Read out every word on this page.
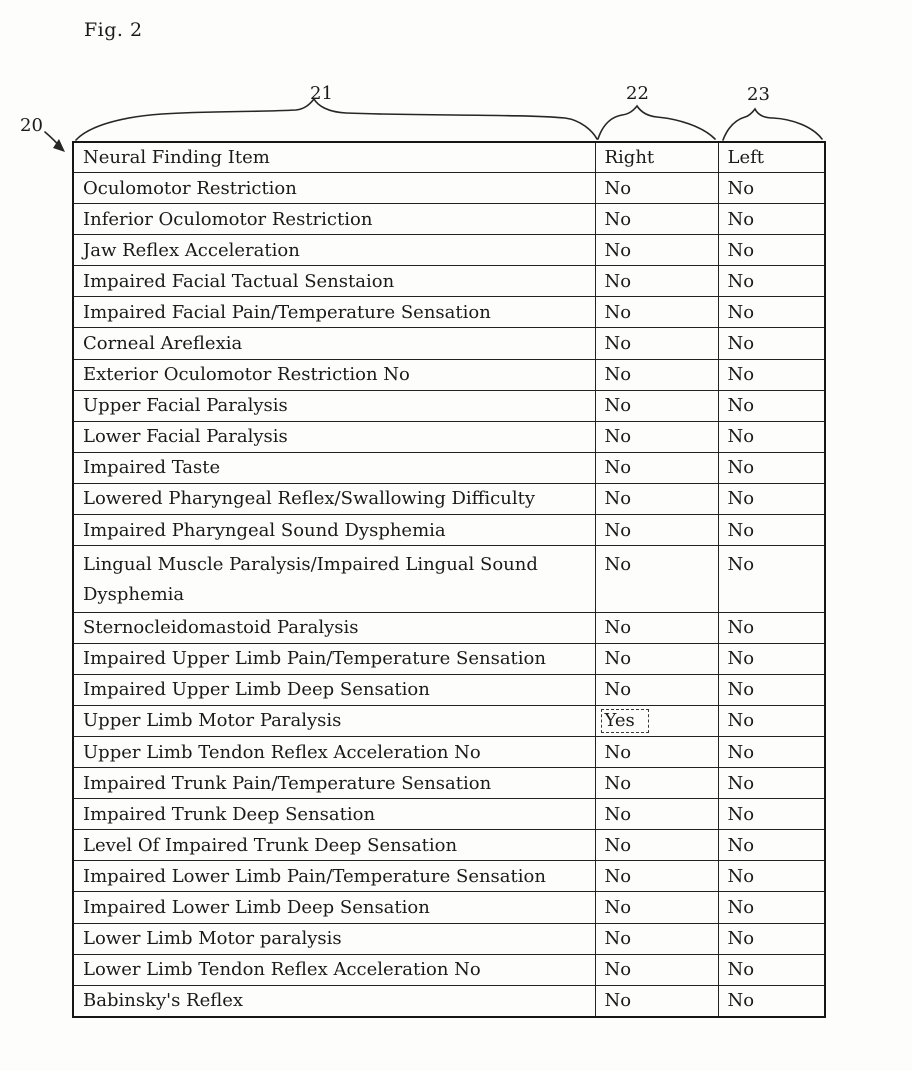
Fig. 2
20
21	22	23
Neural Finding Item	Right	Left
Oculomotor Restriction	No	No
Inferior Oculomotor Restriction	No	No
Jaw Reflex Acceleration	No	No
Impaired Facial Tactual Senstaion	No	No
Impaired Facial Pain/Temperature Sensation	No	No
Corneal Areflexia	No	No
Exterior Oculomotor Restriction No	No	No
Upper Facial Paralysis	No	No
Lower Facial Paralysis	No	No
Impaired Taste	No	No
Lowered Pharyngeal Reflex/Swallowing Difficulty	No	No
Impaired Pharyngeal Sound Dysphemia	No	No
Lingual Muscle Paralysis/Impaired Lingual Sound Dysphemia	No	No
Sternocleidomastoid Paralysis	No	No
Impaired Upper Limb Pain/Temperature Sensation	No	No
Impaired Upper Limb Deep Sensation	No	No
Upper Limb Motor Paralysis	Yes	No
Upper Limb Tendon Reflex Acceleration No	No	No
Impaired Trunk Pain/Temperature Sensation	No	No
Impaired Trunk Deep Sensation	No	No
Level Of Impaired Trunk Deep Sensation	No	No
Impaired Lower Limb Pain/Temperature Sensation	No	No
Impaired Lower Limb Deep Sensation	No	No
Lower Limb Motor paralysis	No	No
Lower Limb Tendon Reflex Acceleration No	No	No
Babinsky's Reflex	No	No
